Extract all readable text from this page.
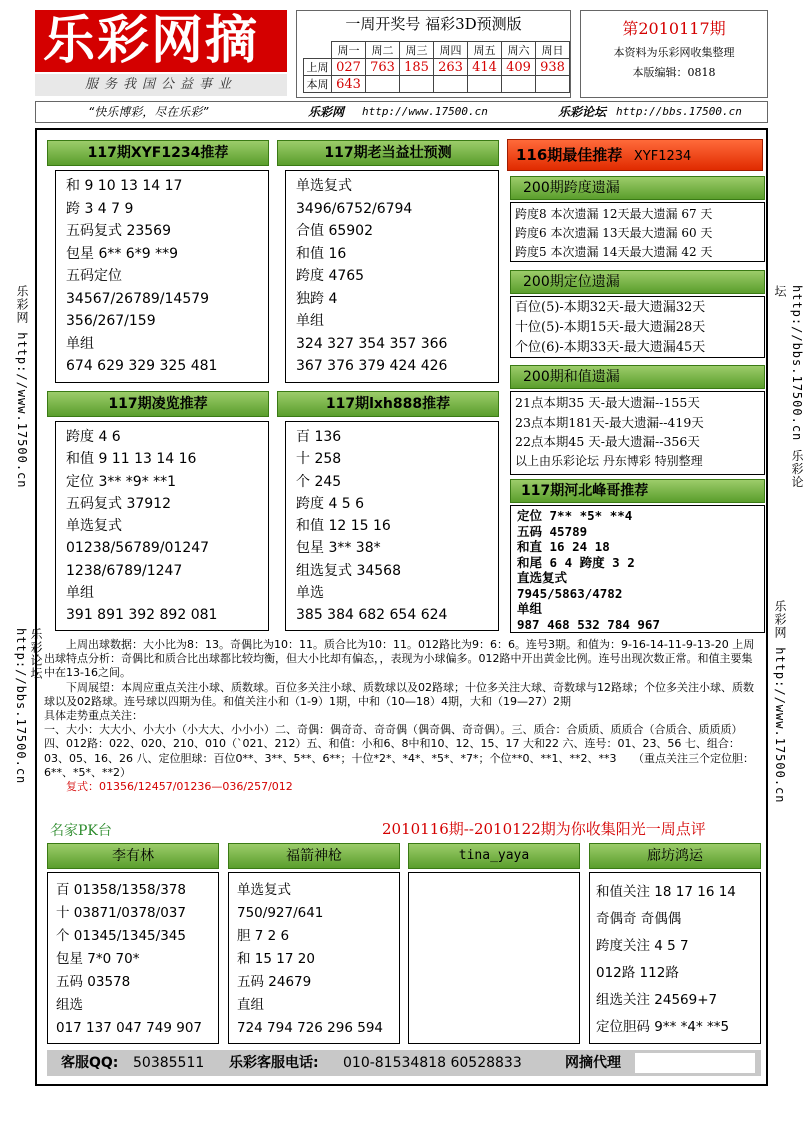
乐彩网摘
服务我国公益事业
一周开奖号 福彩3D预测版
	周一	周二	周三	周四	周五	周六	周日
上周	027	763	185	263	414	409	938
本周	643						
第2010117期
本资料为乐彩网收集整理
本版编辑：0818
“快乐博彩，尽在乐彩”	乐彩网 http://www.17500.cn	乐彩论坛 http://bbs.17500.cn
乐彩网 http://www.17500.cn
乐彩论坛 http://bbs.17500.cn
http://bbs.17500.cn 乐彩论坛
乐彩网 http://www.17500.cn
117期XYF1234推荐
和 9 10 13 14 17
跨 3 4 7 9
五码复式 23569
包星 6** 6*9 **9
五码定位
34567/26789/14579
356/267/159
单组
674 629 329 325 481
117期老当益壮预测
单选复式
3496/6752/6794
合值 65902
和值 16
跨度 4765
独跨 4
单组
324 327 354 357 366
367 376 379 424 426
117期凌览推荐
跨度 4 6
和值 9 11 13 14 16
定位 3** *9* **1
五码复式 37912
单选复式
01238/56789/01247
1238/6789/1247
单组
391 891 392 892 081
117期lxh888推荐
百 136
十 258
个 245
跨度 4 5 6
和值 12 15 16
包星 3** 38*
组选复式 34568
单选
385 384 682 654 624
116期最佳推荐 XYF1234
200期跨度遗漏
跨度8 本次遗漏 12天最大遗漏 67 天
跨度6 本次遗漏 13天最大遗漏 60 天
跨度5 本次遗漏 14天最大遗漏 42 天
200期定位遗漏
百位(5)-本期32天-最大遗漏32天
十位(5)-本期15天-最大遗漏28天
个位(6)-本期33天-最大遗漏45天
200期和值遗漏
21点本期35 天-最大遗漏--155天
23点本期181天-最大遗漏--419天
22点本期45 天-最大遗漏--356天
以上由乐彩论坛 丹东博彩 特别整理
117期河北峰哥推荐
定位 7** *5* **4
五码 45789
和直 16 24 18
和尾 6 4 跨度 3 2
直选复式
7945/5863/4782
单组
987 468 532 784 967
上周出球数据：大小比为8：13。奇偶比为10：11。质合比为10：11。012路比为9：6：6。连号3期。和值为：9-16-14-11-9-13-20 上周出球特点分析：奇偶比和质合比出球都比较均衡，但大小比却有偏态，，表现为小球偏多。012路中开出黄金比例。连号出现次数正常。和值主要集中在13-16之间。
下周展望：本周应重点关注小球、质数球。百位多关注小球、质数球以及02路球；十位多关注大球、奇数球与12路球；个位多关注小球、质数球以及02路球。连号球以四期为佳。和值关注小和（1-9）1期，中和（10—18）4期，大和（19—27）2期
具体走势重点关注：
一、大小：大大小、小大小（小大大、小小小）二、奇偶：偶奇奇、奇奇偶（偶奇偶、奇奇偶）。三、质合：合质质、质质合（合质合、质质质）四、012路：022、020、210、010（`021、212）五、和值：小和6、8中和10、12、15、17 大和22 六、连号：01、23、56 七、组合：03、05、16、26 八、定位胆球：百位0**、3**、5**、6**；十位*2*、*4*、*5*、*7*；个位**0、**1、**2、**3　　（重点关注三个定位胆：6**、*5*、**2）
复式：01356/12457/01236—036/257/012
名家PK台	2010116期--2010122期为你收集阳光一周点评
李有林
百 01358/1358/378
十 03871/0378/037
个 01345/1345/345
包星 7*0 70*
五码 03578
组选
017 137 047 749 907
福箭神枪
单选复式
750/927/641
胆 7 2 6
和 15 17 20
五码 24679
直组
724 794 726 296 594
tina_yaya	廊坊鸿运
和值关注 18 17 16 14
奇偶奇 奇偶偶
跨度关注 4 5 7
012路 112路
组选关注 24569+7
定位胆码 9** *4* **5
客服QQ: 50385511 乐彩客服电话: 010-81534818 60528833	网摘代理
